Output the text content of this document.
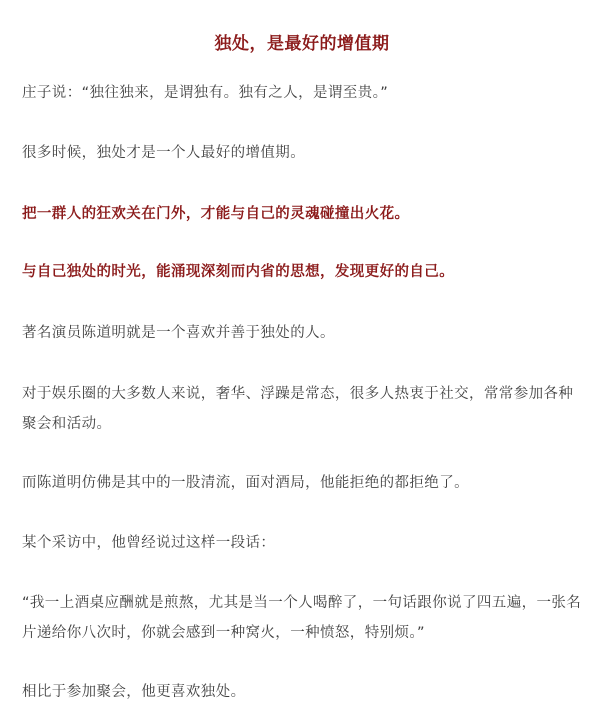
独处，是最好的增值期

庄子说：“独往独来，是谓独有。独有之人，是谓至贵。”

很多时候，独处才是一个人最好的增值期。

把一群人的狂欢关在门外，才能与自己的灵魂碰撞出火花。

与自己独处的时光，能涌现深刻而内省的思想，发现更好的自己。

著名演员陈道明就是一个喜欢并善于独处的人。

对于娱乐圈的大多数人来说，奢华、浮躁是常态，很多人热衷于社交，常常参加各种聚会和活动。

而陈道明仿佛是其中的一股清流，面对酒局，他能拒绝的都拒绝了。

某个采访中，他曾经说过这样一段话：

“我一上酒桌应酬就是煎熬，尤其是当一个人喝醉了，一句话跟你说了四五遍，一张名片递给你八次时，你就会感到一种窝火，一种愤怒，特别烦。”

相比于参加聚会，他更喜欢独处。
